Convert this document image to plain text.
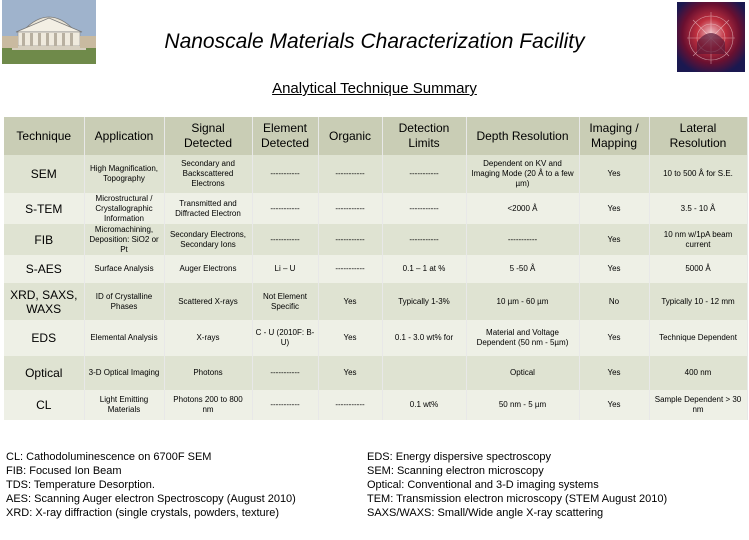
Nanoscale Materials Characterization Facility
Analytical Technique Summary
Technique	Application	Signal Detected	Element Detected	Organic	Detection Limits	Depth Resolution	Imaging / Mapping	Lateral Resolution
SEM	High Magnification, Topography	Secondary and Backscattered Electrons	-----------	-----------	-----------	Dependent on KV and Imaging Mode (20 Å to a few µm)	Yes	10 to 500 Å for S.E.
S-TEM	Microstructural / Crystallographic Information	Transmitted and Diffracted Electron	-----------	-----------	-----------	<2000 Å	Yes	3.5 - 10 Å
FIB	Micromachining, Deposition: SiO2 or Pt	Secondary Electrons, Secondary Ions	-----------	-----------	-----------	-----------	Yes	10 nm w/1pA beam current
S-AES	Surface Analysis	Auger Electrons	Li – U	-----------	0.1 – 1 at %	5 -50 Å	Yes	5000 Å
XRD, SAXS, WAXS	ID of Crystalline Phases	Scattered X-rays	Not Element Specific	Yes	Typically 1-3%	10 µm - 60 µm	No	Typically 10 - 12 mm
EDS	Elemental Analysis	X-rays	C - U (2010F: B-U)	Yes	0.1 - 3.0 wt% for	Material and Voltage Dependent (50 nm - 5µm)	Yes	Technique Dependent
Optical	3-D Optical Imaging	Photons	-----------	Yes		Optical	Yes	400 nm
CL	Light Emitting Materials	Photons 200 to 800 nm	-----------	-----------	0.1 wt%	50 nm - 5 µm	Yes	Sample Dependent > 30 nm
CL: Cathodoluminescence on 6700F SEM
FIB: Focused Ion Beam
TDS: Temperature Desorption.
AES: Scanning Auger electron Spectroscopy (August 2010)
XRD: X-ray diffraction (single crystals, powders, texture)
EDS: Energy dispersive spectroscopy
SEM: Scanning electron microscopy
Optical: Conventional and 3-D imaging systems
TEM: Transmission electron microscopy (STEM August 2010)
SAXS/WAXS: Small/Wide angle X-ray scattering
